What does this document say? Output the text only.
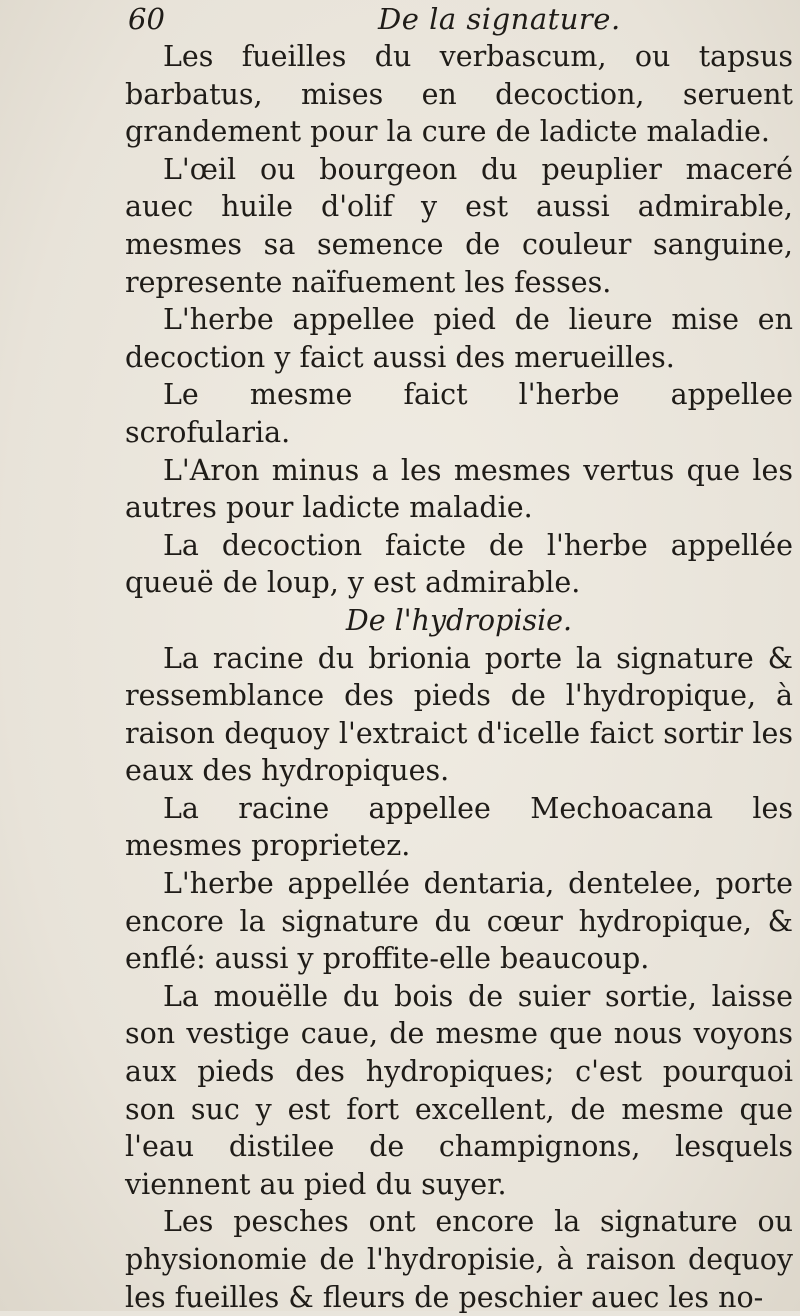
60	De la signature.

Les fueilles du verbascum, ou tapsus barbatus, mises en decoction, seruent grandement pour la cure de ladicte maladie.

L'œil ou bourgeon du peuplier maceré auec huile d'olif y est aussi admirable, mesmes sa semence de couleur sanguine, represente naïfuement les fesses.

L'herbe appellee pied de lieure mise en decoction y faict aussi des merueilles.

Le mesme faict l'herbe appellee scrofularia.

L'Aron minus a les mesmes vertus que les autres pour ladicte maladie.

La decoction faicte de l'herbe appellée queuë de loup, y est admirable.

De l'hydropisie.

La racine du brionia porte la signature & ressemblance des pieds de l'hydropique, à raison dequoy l'extraict d'icelle faict sortir les eaux des hydropiques.

La racine appellee Mechoacana les mesmes proprietez.

L'herbe appellée dentaria, dentelee, porte encore la signature du cœur hydropique, & enflé: aussi y proffite-elle beaucoup.

La mouëlle du bois de suier sortie, laisse son vestige caue, de mesme que nous voyons aux pieds des hydropiques; c'est pourquoi son suc y est fort excellent, de mesme que l'eau distilee de champignons, lesquels viennent au pied du suyer.

Les pesches ont encore la signature ou physionomie de l'hydropisie, à raison dequoy les fueilles & fleurs de peschier auec les no-
